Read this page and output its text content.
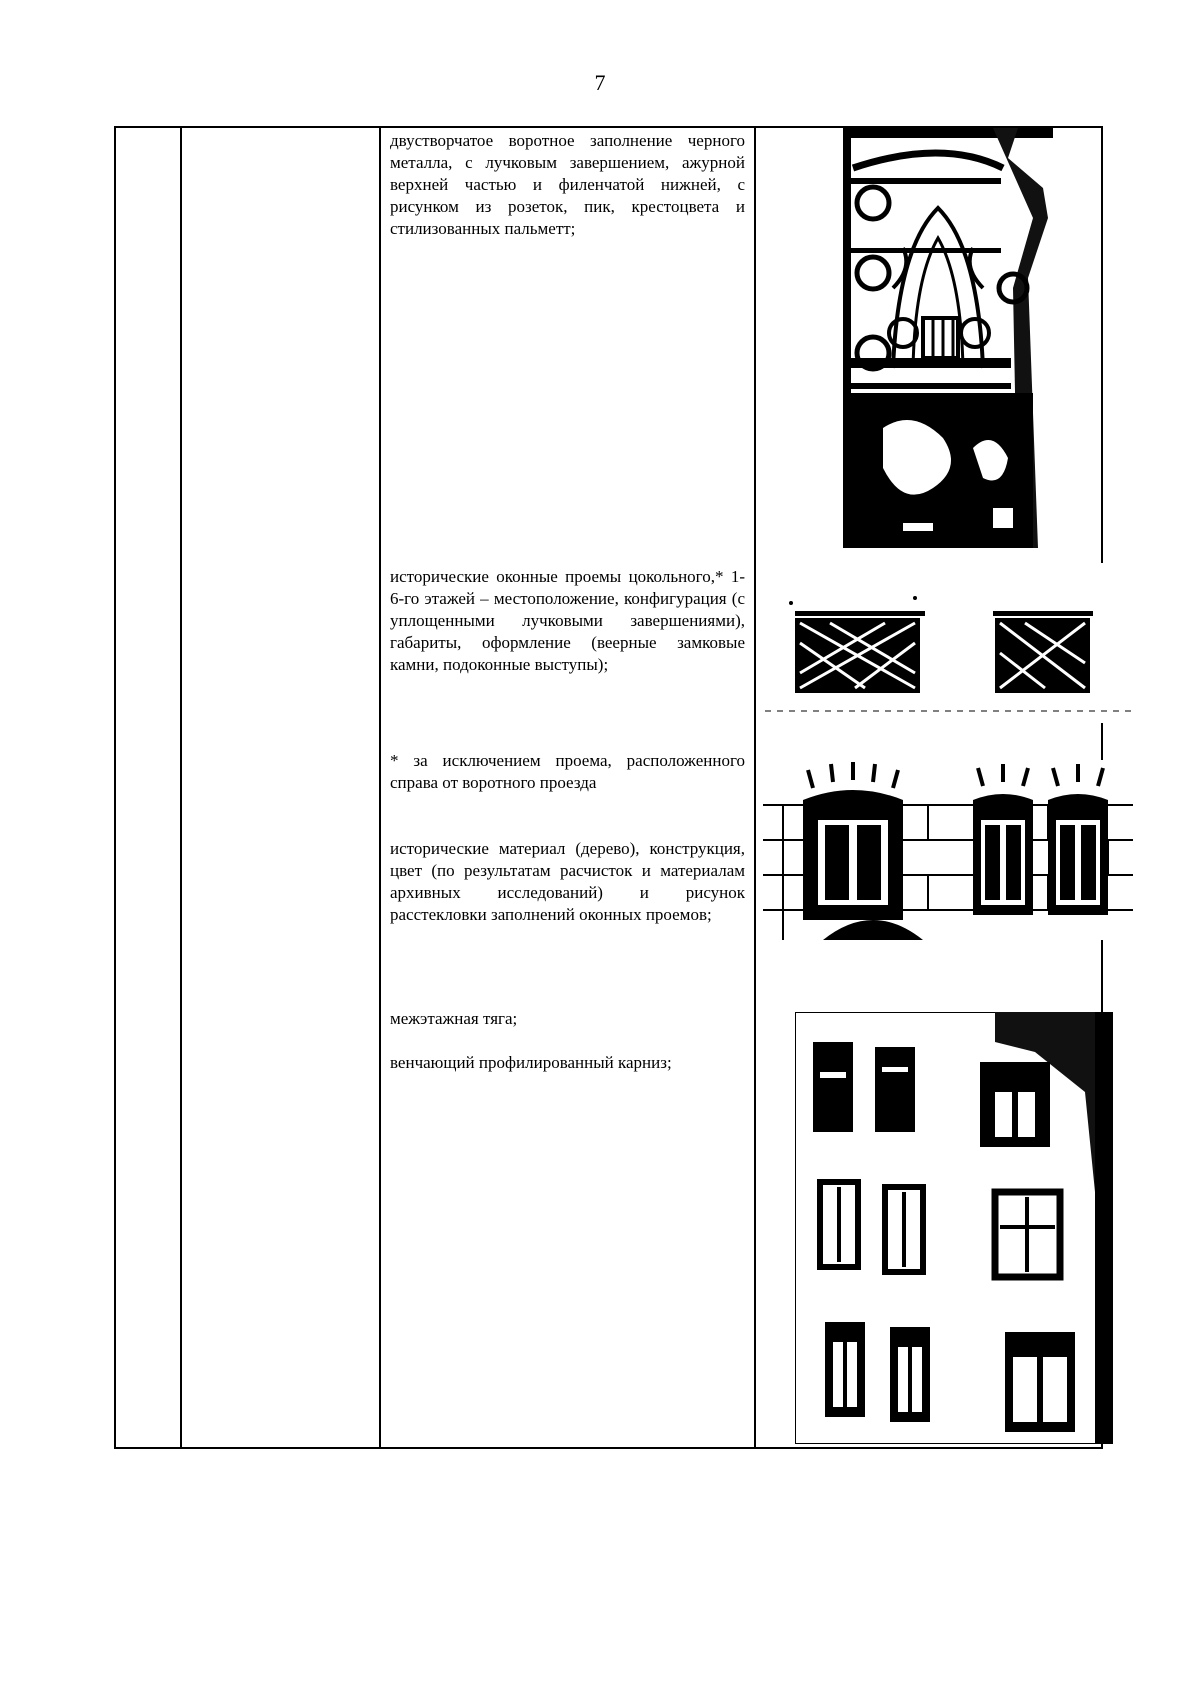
7
двустворчатое воротное заполнение черного металла, с лучковым завершением, ажурной верхней частью и филенчатой нижней, с рисунком из розеток, пик, крестоцвета и стилизованных пальметт;
исторические оконные проемы цокольного,* 1-6-го этажей – местоположение, конфигурация (с уплощенными лучковыми завершениями), габариты, оформление (веерные замковые камни, подоконные выступы);
* за исключением проема, расположенного справа от воротного проезда
исторические материал (дерево), конструкция, цвет (по результатам расчисток и материалам архивных исследований) и рисунок расстекловки заполнений оконных проемов;
межэтажная тяга;
венчающий профилированный карниз;
